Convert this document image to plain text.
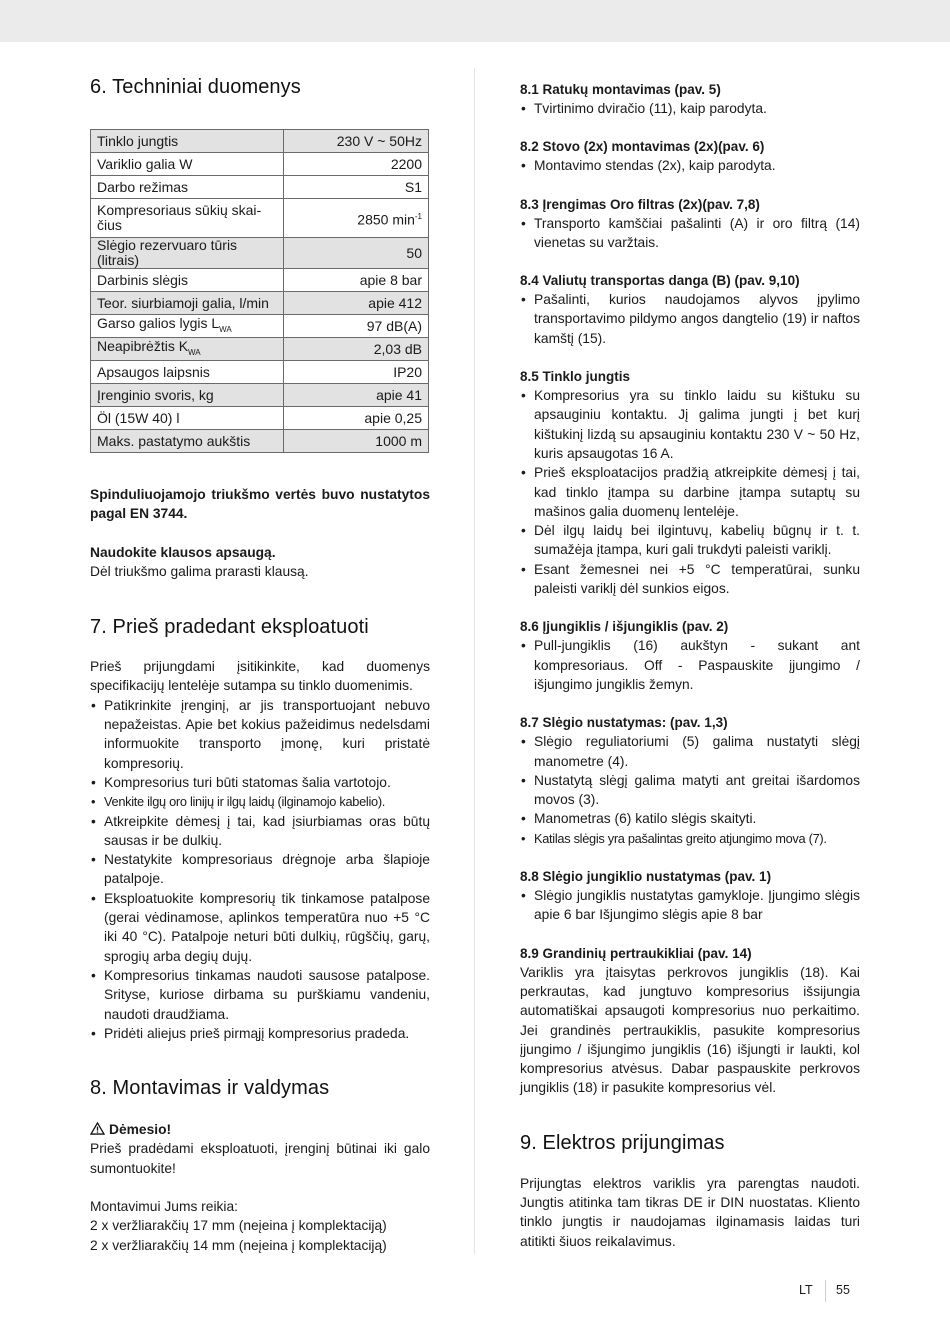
6. Techniniai duomenys
Tinklo jungtis	230 V ~ 50Hz
Variklio galia W	2200
Darbo režimas	S1
Kompresoriaus sūkių skai-čius	2850 $\min^{-1}$
Slėgio rezervuaro tūris (litrais)	50
Darbinis slėgis	apie 8 bar
Teor. siurbiamoji galia, l/min	apie 412
Garso galios lygis $L_{WA}$	97 dB(A)
Neapibrėžtis $K_{WA}$	2,03 dB
Apsaugos laipsnis	IP20
Įrenginio svoris, kg	apie 41
Öl (15W 40) l	apie 0,25
Maks. pastatymo aukštis	1000 m

Spinduliuojamojo triukšmo vertės buvo nustatytos pagal EN 3744.

Naudokite klausos apsaugą.

Dėl triukšmo galima prarasti klausą.

7. Prieš pradedant eksploatuoti

Prieš prijungdami įsitikinkite, kad duomenys specifikacijų lentelėje sutampa su tinklo duomenimis.

• Patikrinkite įrenginį, ar jis transportuojant nebuvo nepažeistas. Apie bet kokius pažeidimus nedelsdami informuokite transporto įmonę, kuri pristatė kompresorių.
• Kompresorius turi būti statomas šalia vartotojo.
• Venkite ilgų oro linijų ir ilgų laidų (ilginamojo kabelio).
• Atkreipkite dėmesį į tai, kad įsiurbiamas oras būtų sausas ir be dulkių.
• Nestatykite kompresoriaus drėgnoje arba šlapioje patalpoje.
• Eksploatuokite kompresorių tik tinkamose patalpose (gerai vėdinamose, aplinkos temperatūra nuo +5 °C iki 40 °C). Patalpoje neturi būti dulkių, rūgščių, garų, sprogių arba degių dujų.
• Kompresorius tinkamas naudoti sausose patalpose. Srityse, kuriose dirbama su purškiamu vandeniu, naudoti draudžiama.
• Pridėti aliejus prieš pirmąjį kompresorius pradeda.
8. Montavimas ir valdymas

Dėmesio!

Prieš pradėdami eksploatuoti, įrenginį būtinai iki galo sumontuokite!

Montavimui Jums reikia:

2 x veržliarakčių 17 mm (neįeina į komplektaciją)

2 x veržliarakčių 14 mm (neįeina į komplektaciją)

8.1 Ratukų montavimas (pav. 5)

• Tvirtinimo dviračio (11), kaip parodyta.

8.2 Stovo (2x) montavimas (2x)(pav. 6)

• Montavimo stendas (2x), kaip parodyta.

8.3 Įrengimas Oro filtras (2x)(pav. 7,8)

• Transporto kamščiai pašalinti (A) ir oro filtrą (14) vienetas su varžtais.

8.4 Valiutų transportas danga (B) (pav. 9,10)

• Pašalinti, kurios naudojamos alyvos įpylimo transportavimo pildymo angos dangtelio (19) ir naftos kamštį (15).

8.5 Tinklo jungtis

• Kompresorius yra su tinklo laidu su kištuku su apsauginiu kontaktu. Jį galima jungti į bet kurį kištukinį lizdą su apsauginiu kontaktu 230 V ~ 50 Hz, kuris apsaugotas 16 A.
• Prieš eksploatacijos pradžią atkreipkite dėmesį į tai, kad tinklo įtampa su darbine įtampa sutaptų su mašinos galia duomenų lentelėje.
• Dėl ilgų laidų bei ilgintuvų, kabelių būgnų ir t. t. sumažėja įtampa, kuri gali trukdyti paleisti variklį.
• Esant žemesnei nei +5 °C temperatūrai, sunku paleisti variklį dėl sunkios eigos.

8.6 Įjungiklis / išjungiklis (pav. 2)

• Pull-jungiklis (16) aukštyn - sukant ant kompresoriaus. Off - Paspauskite įjungimo / išjungimo jungiklis žemyn.

8.7 Slėgio nustatymas: (pav. 1,3)

• Slėgio reguliatoriumi (5) galima nustatyti slėgį manometre (4).
• Nustatytą slėgį galima matyti ant greitai išardomos movos (3).
• Manometras (6) katilo slėgis skaityti.
• Katilas slėgis yra pašalintas greito atjungimo mova (7).

8.8 Slėgio jungiklio nustatymas (pav. 1)

• Slėgio jungiklis nustatytas gamykloje. Įjungimo slėgis apie 6 bar Išjungimo slėgis apie 8 bar

8.9 Grandinių pertraukikliai (pav. 14)

Variklis yra įtaisytas perkrovos jungiklis (18). Kai perkrautas, kad jungtuvo kompresorius išsijungia automatiškai apsaugoti kompresorius nuo perkaitimo. Jei grandinės pertraukiklis, pasukite kompresorius įjungimo / išjungimo jungiklis (16) išjungti ir laukti, kol kompresorius atvėsus. Dabar paspauskite perkrovos jungiklis (18) ir pasukite kompresorius vėl.

9. Elektros prijungimas

Prijungtas elektros variklis yra parengtas naudoti. Jungtis atitinka tam tikras DE ir DIN nuostatas. Kliento tinklo jungtis ir naudojamas ilginamasis laidas turi atitikti šiuos reikalavimus.

LT 55
